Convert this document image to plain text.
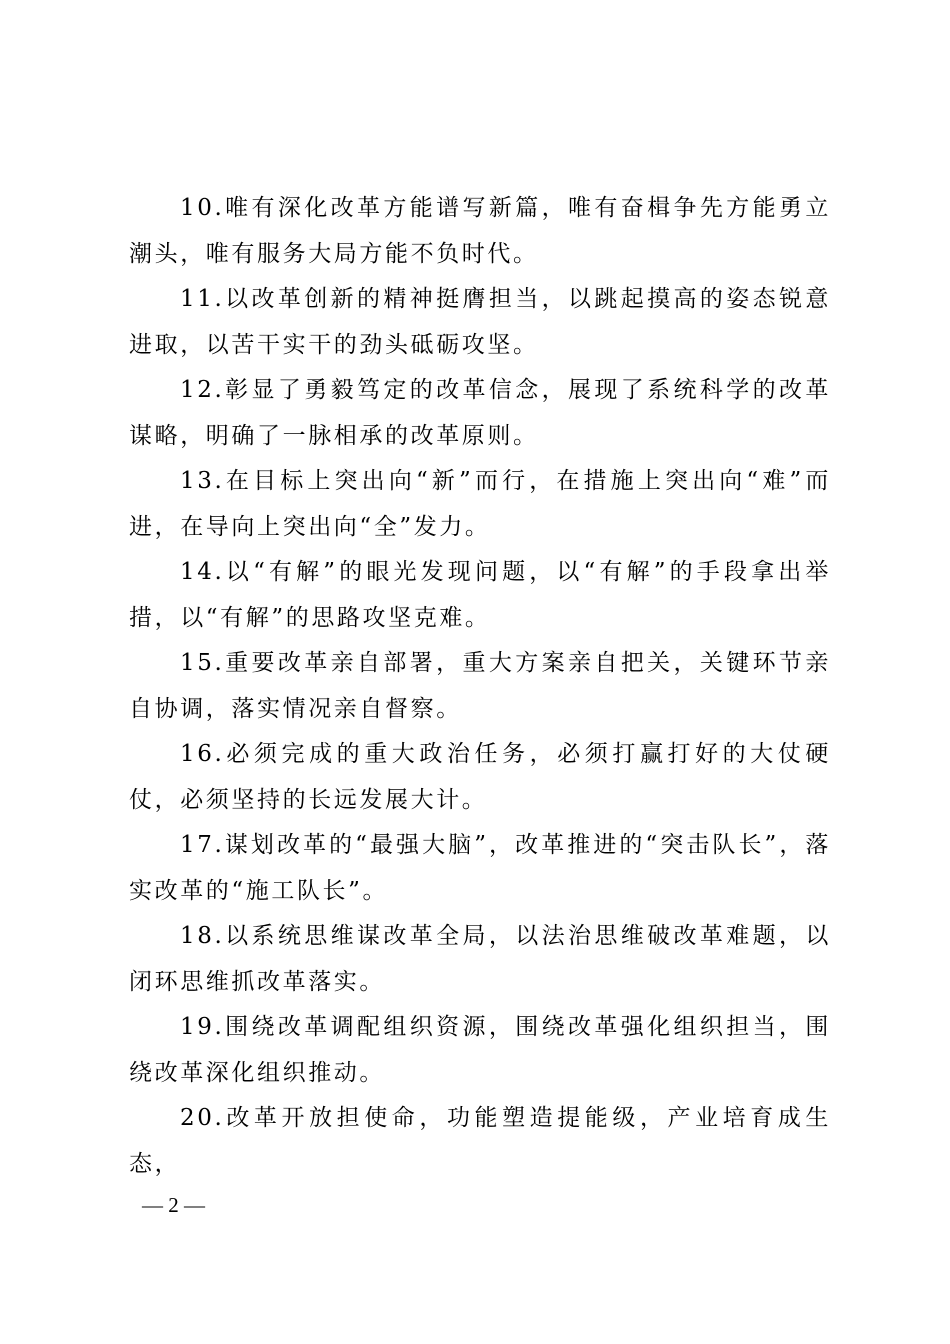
10.唯有深化改革方能谱写新篇，唯有奋楫争先方能勇立潮头，唯有服务大局方能不负时代。

11.以改革创新的精神挺膺担当，以跳起摸高的姿态锐意进取，以苦干实干的劲头砥砺攻坚。

12.彰显了勇毅笃定的改革信念，展现了系统科学的改革谋略，明确了一脉相承的改革原则。

13.在目标上突出向“新”而行，在措施上突出向“难”而进，在导向上突出向“全”发力。

14.以“有解”的眼光发现问题，以“有解”的手段拿出举措，以“有解”的思路攻坚克难。

15.重要改革亲自部署，重大方案亲自把关，关键环节亲自协调，落实情况亲自督察。

16.必须完成的重大政治任务，必须打赢打好的大仗硬仗，必须坚持的长远发展大计。

17.谋划改革的“最强大脑”，改革推进的“突击队长”，落实改革的“施工队长”。

18.以系统思维谋改革全局，以法治思维破改革难题，以闭环思维抓改革落实。

19.围绕改革调配组织资源，围绕改革强化组织担当，围绕改革深化组织推动。

20.改革开放担使命，功能塑造提能级，产业培育成生态，

— 2 —
